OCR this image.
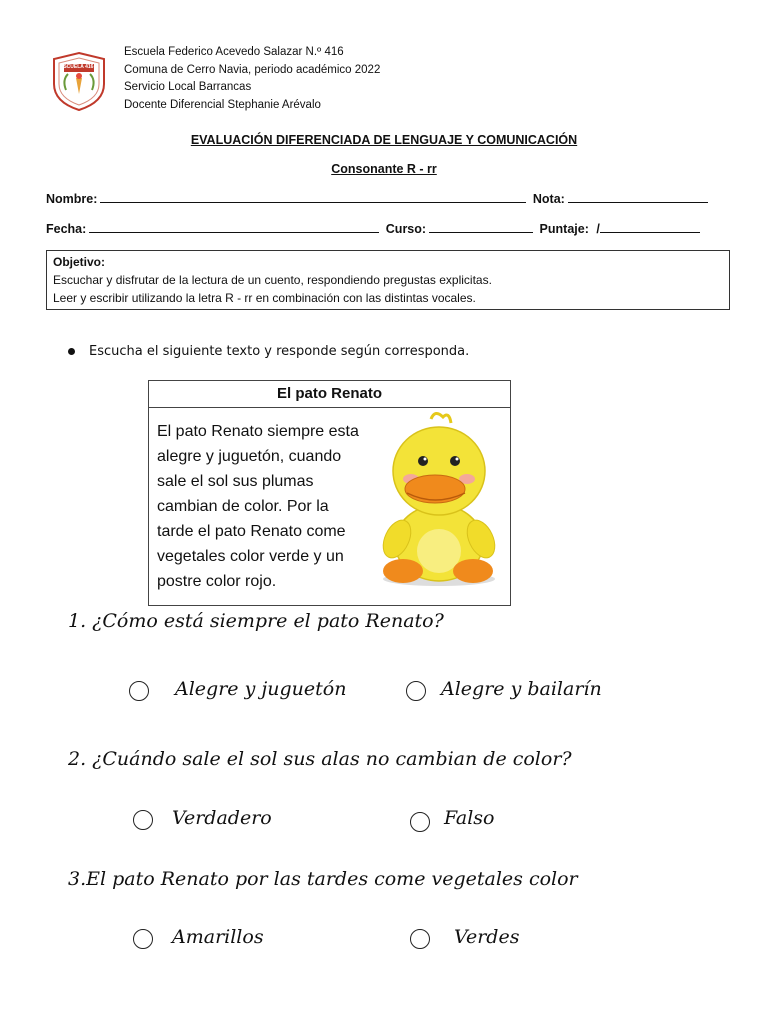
ESCUELA 416
Escuela Federico Acevedo Salazar N.º 416
Comuna de Cerro Navia, periodo académico 2022
Servicio Local Barrancas
Docente Diferencial Stephanie Arévalo
EVALUACIÓN DIFERENCIADA DE LENGUAJE Y COMUNICACIÓN
Consonante R - rr
Nombre:	Nota:
Fecha:	Curso:	Puntaje: /
Objetivo:
Escuchar y disfrutar de la lectura de un cuento, respondiendo pregustas explicitas.
Leer y escribir utilizando la letra R - rr en combinación con las distintas vocales.
Escucha el siguiente texto y responde según corresponda.
El pato Renato
El pato Renato siempre esta
alegre y juguetón, cuando
sale el sol sus plumas
cambian de color. Por la
tarde el pato Renato come
vegetales color verde y un
postre color rojo.
1. ¿Cómo está siempre el pato Renato?
Alegre y juguetón	Alegre y bailarín
2. ¿Cuándo sale el sol sus alas no cambian de color?
Verdadero	Falso
3.El pato Renato por las tardes come vegetales color
Amarillos	Verdes
